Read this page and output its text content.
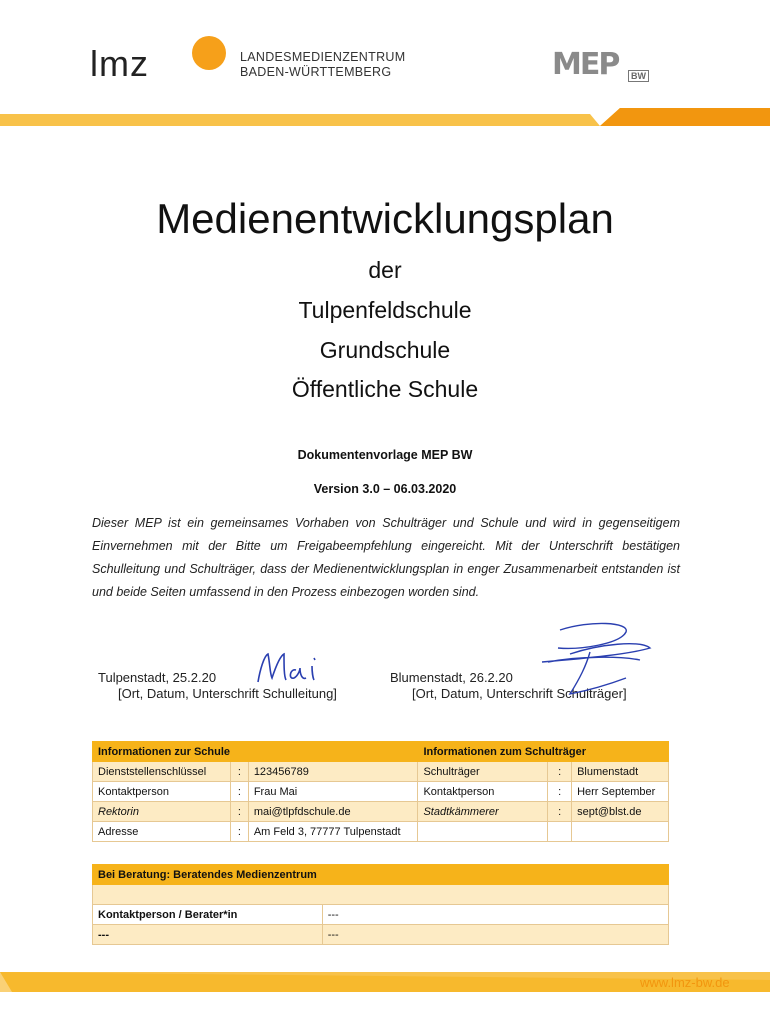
lmz	LANDESMEDIENZENTRUM
BADEN-WÜRTTEMBERG	MEP	BW
Medienentwicklungsplan
der
Tulpenfeldschule
Grundschule
Öffentliche Schule
Dokumentenvorlage MEP BW
Version 3.0 – 06.03.2020
Dieser MEP ist ein gemeinsames Vorhaben von Schulträger und Schule und wird in gegenseitigem Einvernehmen mit der Bitte um Freigabeempfehlung eingereicht. Mit der Unterschrift bestätigen Schulleitung und Schulträger, dass der Medienentwicklungsplan in enger Zusammenarbeit entstanden ist und beide Seiten umfassend in den Prozess einbezogen worden sind.
Tulpenstadt, 25.2.20
[Ort, Datum, Unterschrift Schulleitung]
Blumenstadt, 26.2.20
[Ort, Datum, Unterschrift Schulträger]
Informationen zur Schule			Informationen zum Schulträger		
Dienststellenschlüssel	:	123456789	Schulträger	:	Blumenstadt
Kontaktperson	:	Frau Mai	Kontaktperson	:	Herr September
Rektorin	:	mai@tlpfdschule.de	Stadtkämmerer	:	sept@blst.de
Adresse	:	Am Feld 3, 77777 Tulpenstadt			
Bei Beratung: Beratendes Medienzentrum	

Kontaktperson / Berater*in	---
---	---
www.lmz-bw.de
